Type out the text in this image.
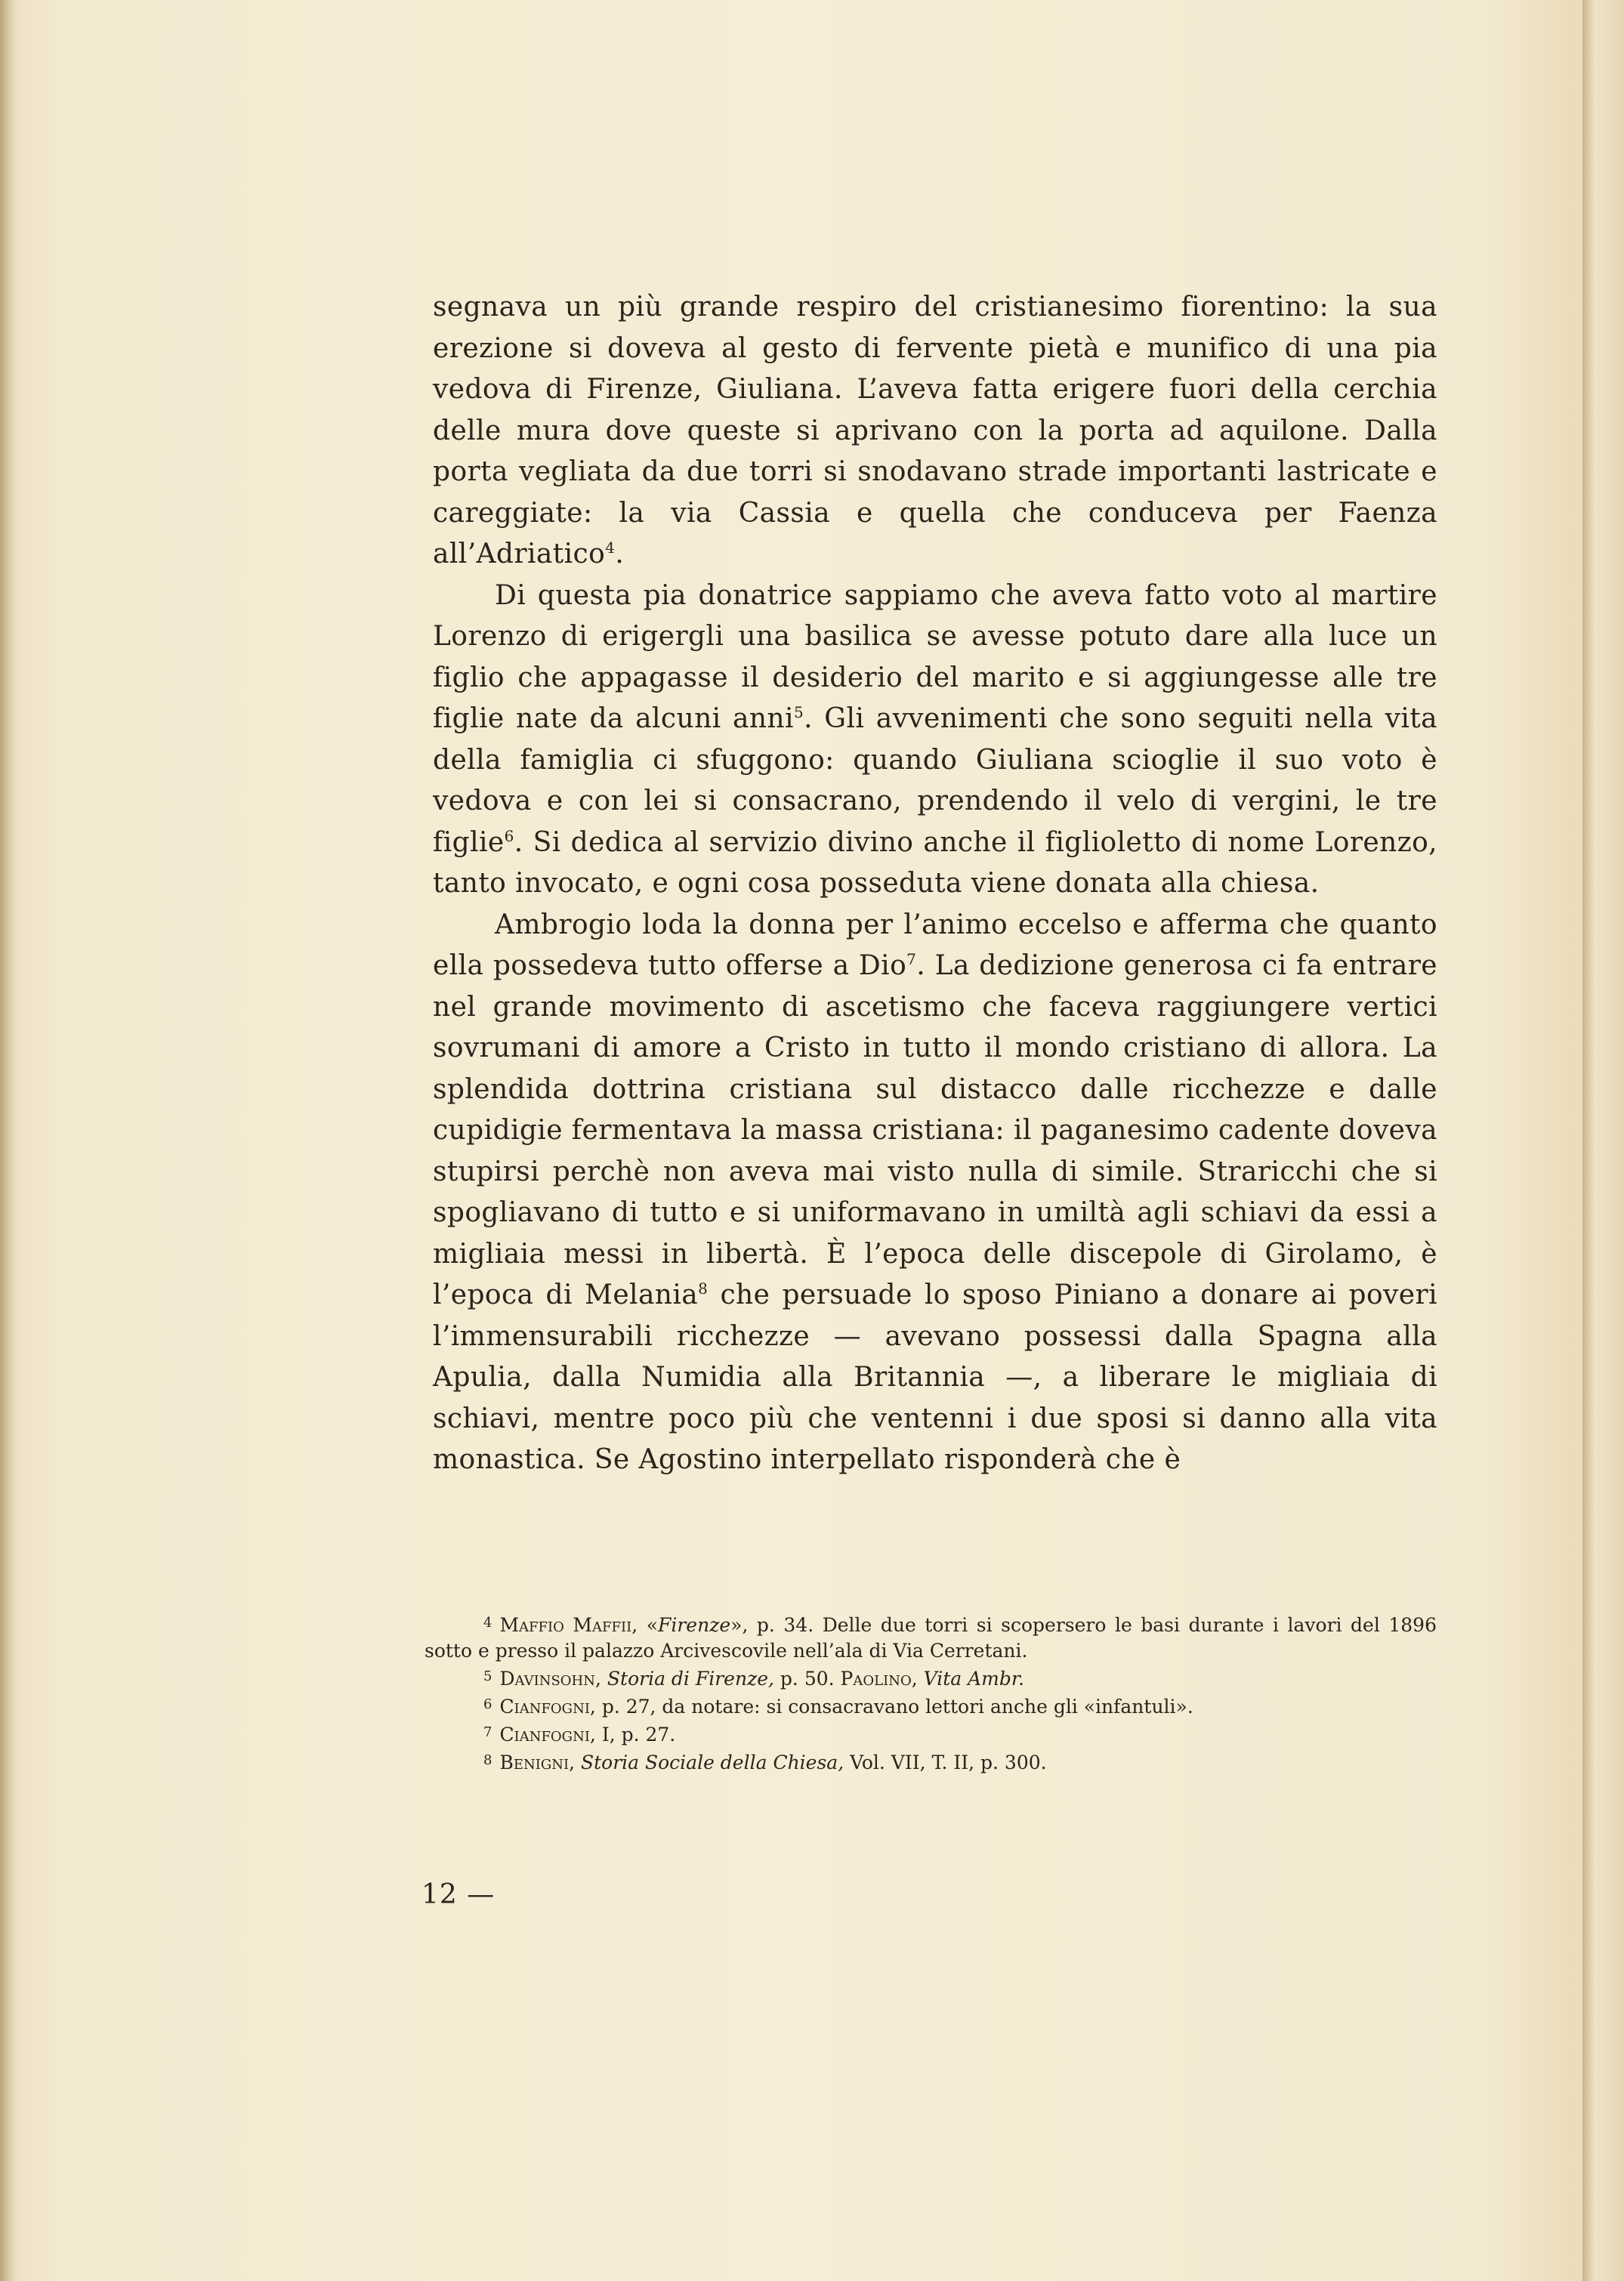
segnava un più grande respiro del cristianesimo fiorentino: la sua erezione si doveva al gesto di fervente pietà e munifico di una pia vedova di Firenze, Giuliana. L’aveva fatta erigere fuori della cerchia delle mura dove queste si aprivano con la porta ad aquilone. Dalla porta vegliata da due torri si snodavano strade importanti lastricate e careggiate: la via Cassia e quella che conduceva per Faenza all’Adriatico$^4$.

Di questa pia donatrice sappiamo che aveva fatto voto al martire Lorenzo di erigergli una basilica se avesse potuto dare alla luce un figlio che appagasse il desiderio del marito e si aggiungesse alle tre figlie nate da alcuni anni$^5$. Gli avvenimenti che sono seguiti nella vita della famiglia ci sfuggono: quando Giuliana scioglie il suo voto è vedova e con lei si consacrano, prendendo il velo di vergini, le tre figlie$^6$. Si dedica al servizio divino anche il figlioletto di nome Lorenzo, tanto invocato, e ogni cosa posseduta viene donata alla chiesa.

Ambrogio loda la donna per l’animo eccelso e afferma che quanto ella possedeva tutto offerse a Dio$^7$. La dedizione generosa ci fa entrare nel grande movimento di ascetismo che faceva raggiungere vertici sovrumani di amore a Cristo in tutto il mondo cristiano di allora. La splendida dottrina cristiana sul distacco dalle ricchezze e dalle cupidigie fermentava la massa cristiana: il paganesimo cadente doveva stupirsi perchè non aveva mai visto nulla di simile. Straricchi che si spogliavano di tutto e si uniformavano in umiltà agli schiavi da essi a migliaia messi in libertà. È l’epoca delle discepole di Girolamo, è l’epoca di Melania$^8$ che persuade lo sposo Piniano a donare ai poveri l’immensurabili ricchezze — avevano possessi dalla Spagna alla Apulia, dalla Numidia alla Britannia —, a liberare le migliaia di schiavi, mentre poco più che ventenni i due sposi si danno alla vita monastica. Se Agostino interpellato risponderà che è

$^4$ Maffio Maffii, «Firenze», p. 34. Delle due torri si scopersero le basi durante i lavori del 1896 sotto e presso il palazzo Arcivescovile nell’ala di Via Cerretani.

$^5$ Davinsohn, Storia di Firenze, p. 50. Paolino, Vita Ambr.

$^6$ Cianfogni, p. 27, da notare: si consacravano lettori anche gli «infantuli».

$^7$ Cianfogni, I, p. 27.

$^8$ Benigni, Storia Sociale della Chiesa, Vol. VII, T. II, p. 300.

12 —
